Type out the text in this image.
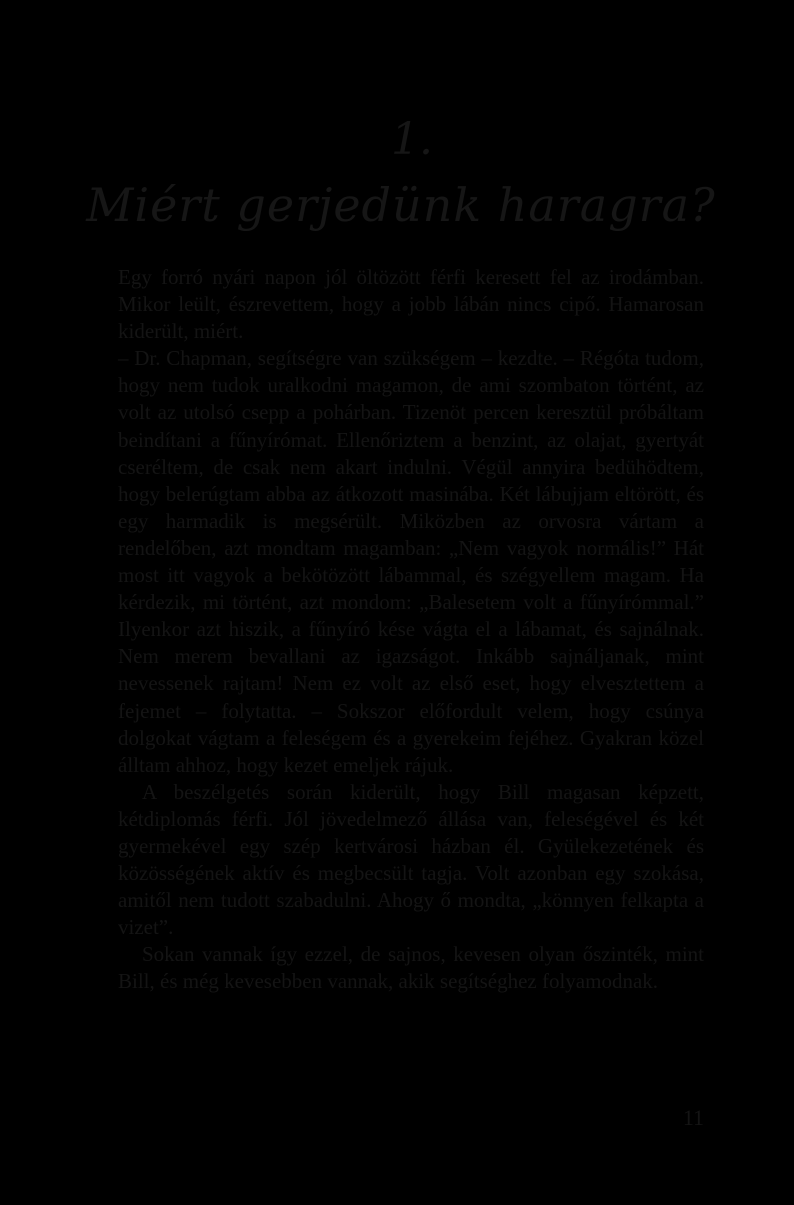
1.
Miért gerjedünk haragra?

Egy forró nyári napon jól öltözött férfi keresett fel az irodámban. Mikor leült, észrevettem, hogy a jobb lábán nincs cipő. Hamarosan kiderült, miért.

– Dr. Chapman, segítségre van szükségem – kezdte. – Régóta tudom, hogy nem tudok uralkodni magamon, de ami szombaton történt, az volt az utolsó csepp a pohárban. Tizenöt percen keresztül próbáltam beindítani a fűnyírómat. Ellenőriztem a benzint, az olajat, gyertyát cseréltem, de csak nem akart indulni. Végül annyira bedühödtem, hogy belerúgtam abba az átkozott masinába. Két lábujjam eltörött, és egy harmadik is megsérült. Miközben az orvosra vártam a rendelőben, azt mondtam magamban: „Nem vagyok normális!” Hát most itt vagyok a bekötözött lábammal, és szégyellem magam. Ha kérdezik, mi történt, azt mondom: „Balesetem volt a fűnyírómmal.” Ilyenkor azt hiszik, a fűnyíró kése vágta el a lábamat, és sajnálnak. Nem merem bevallani az igazságot. Inkább sajnáljanak, mint nevessenek rajtam! Nem ez volt az első eset, hogy elvesztettem a fejemet – folytatta. – Sokszor előfordult velem, hogy csúnya dolgokat vágtam a feleségem és a gyerekeim fejéhez. Gyakran közel álltam ahhoz, hogy kezet emeljek rájuk.

A beszélgetés során kiderült, hogy Bill magasan képzett, kétdiplomás férfi. Jól jövedelmező állása van, feleségével és két gyermekével egy szép kertvárosi házban él. Gyülekezetének és közösségének aktív és megbecsült tagja. Volt azonban egy szokása, amitől nem tudott szabadulni. Ahogy ő mondta, „könnyen felkapta a vizet”.

Sokan vannak így ezzel, de sajnos, kevesen olyan őszinték, mint Bill, és még kevesebben vannak, akik segítséghez folyamodnak.

11
